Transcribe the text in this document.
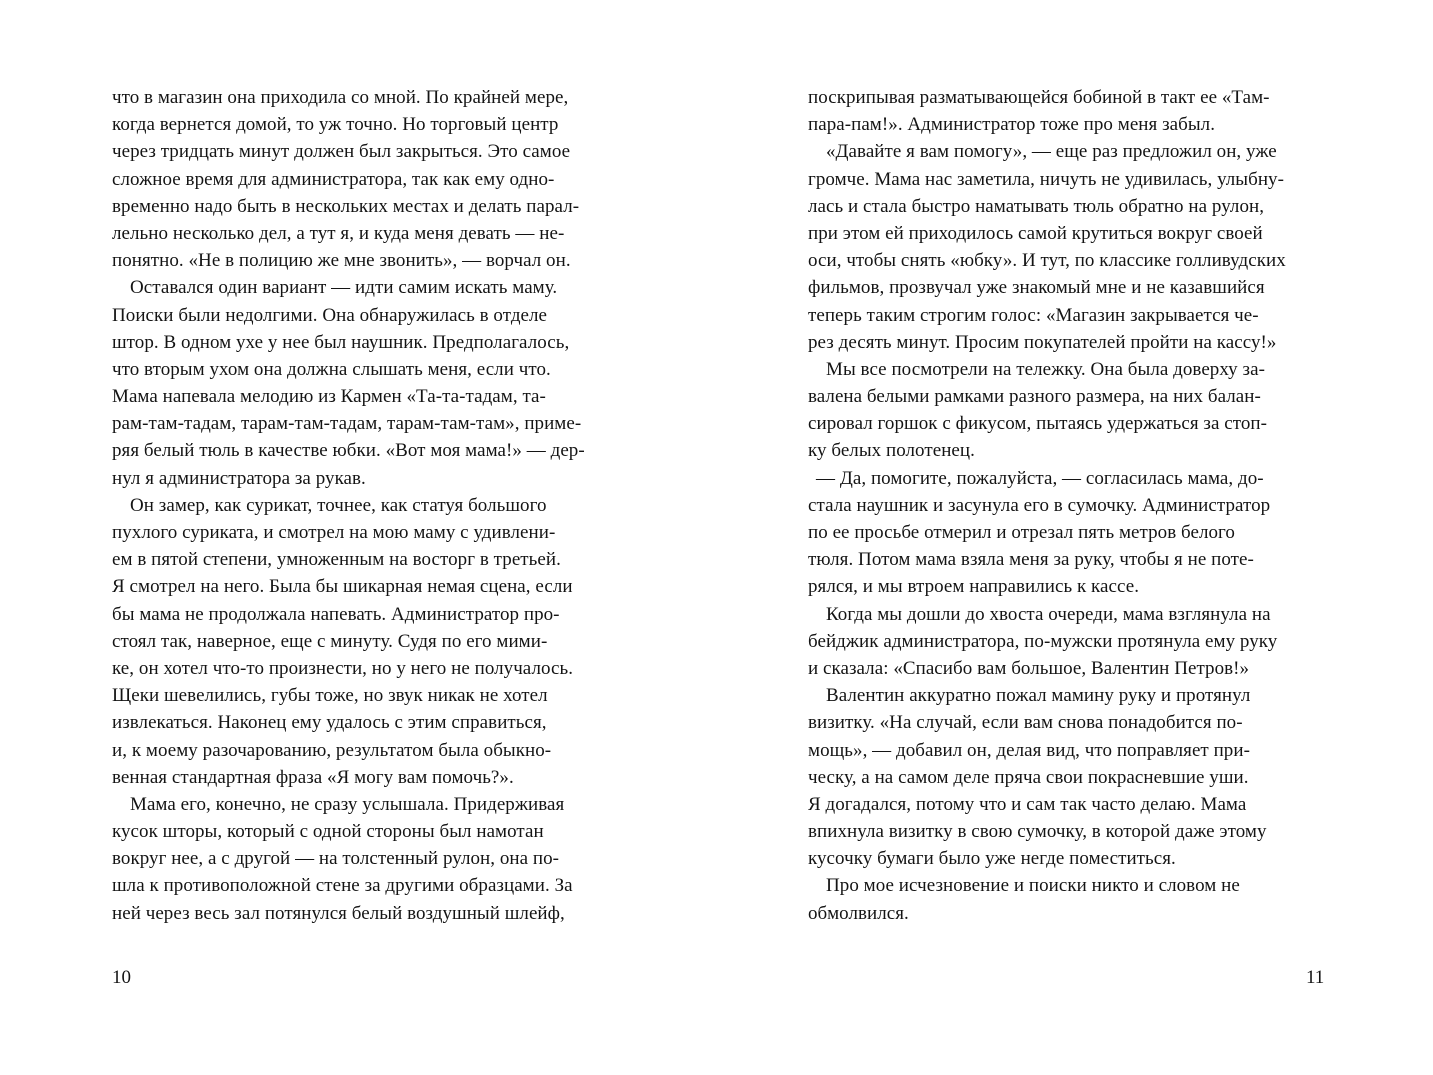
что в магазин она приходила со мной. По крайней мере,
когда вернется домой, то уж точно. Но торговый центр
через тридцать минут должен был закрыться. Это самое
сложное время для администратора, так как ему одно-
временно надо быть в нескольких местах и делать парал-
лельно несколько дел, а тут я, и куда меня девать — не-
понятно. «Не в полицию же мне звонить», — ворчал он.
Оставался один вариант — идти самим искать маму.
Поиски были недолгими. Она обнаружилась в отделе
штор. В одном ухе у нее был наушник. Предполагалось,
что вторым ухом она должна слышать меня, если что.
Мама напевала мелодию из Кармен «Та-та-тадам, та-
рам-там-тадам, тарам-там-тадам, тарам-там-там», приме-
ряя белый тюль в качестве юбки. «Вот моя мама!» — дер-
нул я администратора за рукав.
Он замер, как сурикат, точнее, как статуя большого
пухлого суриката, и смотрел на мою маму с удивлени-
ем в пятой степени, умноженным на восторг в третьей.
Я смотрел на него. Была бы шикарная немая сцена, если
бы мама не продолжала напевать. Администратор про-
стоял так, наверное, еще с минуту. Судя по его мими-
ке, он хотел что-то произнести, но у него не получалось.
Щеки шевелились, губы тоже, но звук никак не хотел
извлекаться. Наконец ему удалось с этим справиться,
и, к моему разочарованию, результатом была обыкно-
венная стандартная фраза «Я могу вам помочь?».
Мама его, конечно, не сразу услышала. Придерживая
кусок шторы, который с одной стороны был намотан
вокруг нее, а с другой — на толстенный рулон, она по-
шла к противоположной стене за другими образцами. За
ней через весь зал потянулся белый воздушный шлейф,
10
поскрипывая разматывающейся бобиной в такт ее «Там-
пара-пам!». Администратор тоже про меня забыл.
«Давайте я вам помогу», — еще раз предложил он, уже
громче. Мама нас заметила, ничуть не удивилась, улыбну-
лась и стала быстро наматывать тюль обратно на рулон,
при этом ей приходилось самой крутиться вокруг своей
оси, чтобы снять «юбку». И тут, по классике голливудских
фильмов, прозвучал уже знакомый мне и не казавшийся
теперь таким строгим голос: «Магазин закрывается че-
рез десять минут. Просим покупателей пройти на кассу!»
Мы все посмотрели на тележку. Она была доверху за-
валена белыми рамками разного размера, на них балан-
сировал горшок с фикусом, пытаясь удержаться за стоп-
ку белых полотенец.
— Да, помогите, пожалуйста, — согласилась мама, до-
стала наушник и засунула его в сумочку. Администратор
по ее просьбе отмерил и отрезал пять метров белого
тюля. Потом мама взяла меня за руку, чтобы я не поте-
рялся, и мы втроем направились к кассе.
Когда мы дошли до хвоста очереди, мама взглянула на
бейджик администратора, по-мужски протянула ему руку
и сказала: «Спасибо вам большое, Валентин Петров!»
Валентин аккуратно пожал мамину руку и протянул
визитку. «На случай, если вам снова понадобится по-
мощь», — добавил он, делая вид, что поправляет при-
ческу, а на самом деле пряча свои покрасневшие уши.
Я догадался, потому что и сам так часто делаю. Мама
впихнула визитку в свою сумочку, в которой даже этому
кусочку бумаги было уже негде поместиться.
Про мое исчезновение и поиски никто и словом не
обмолвился.
11
